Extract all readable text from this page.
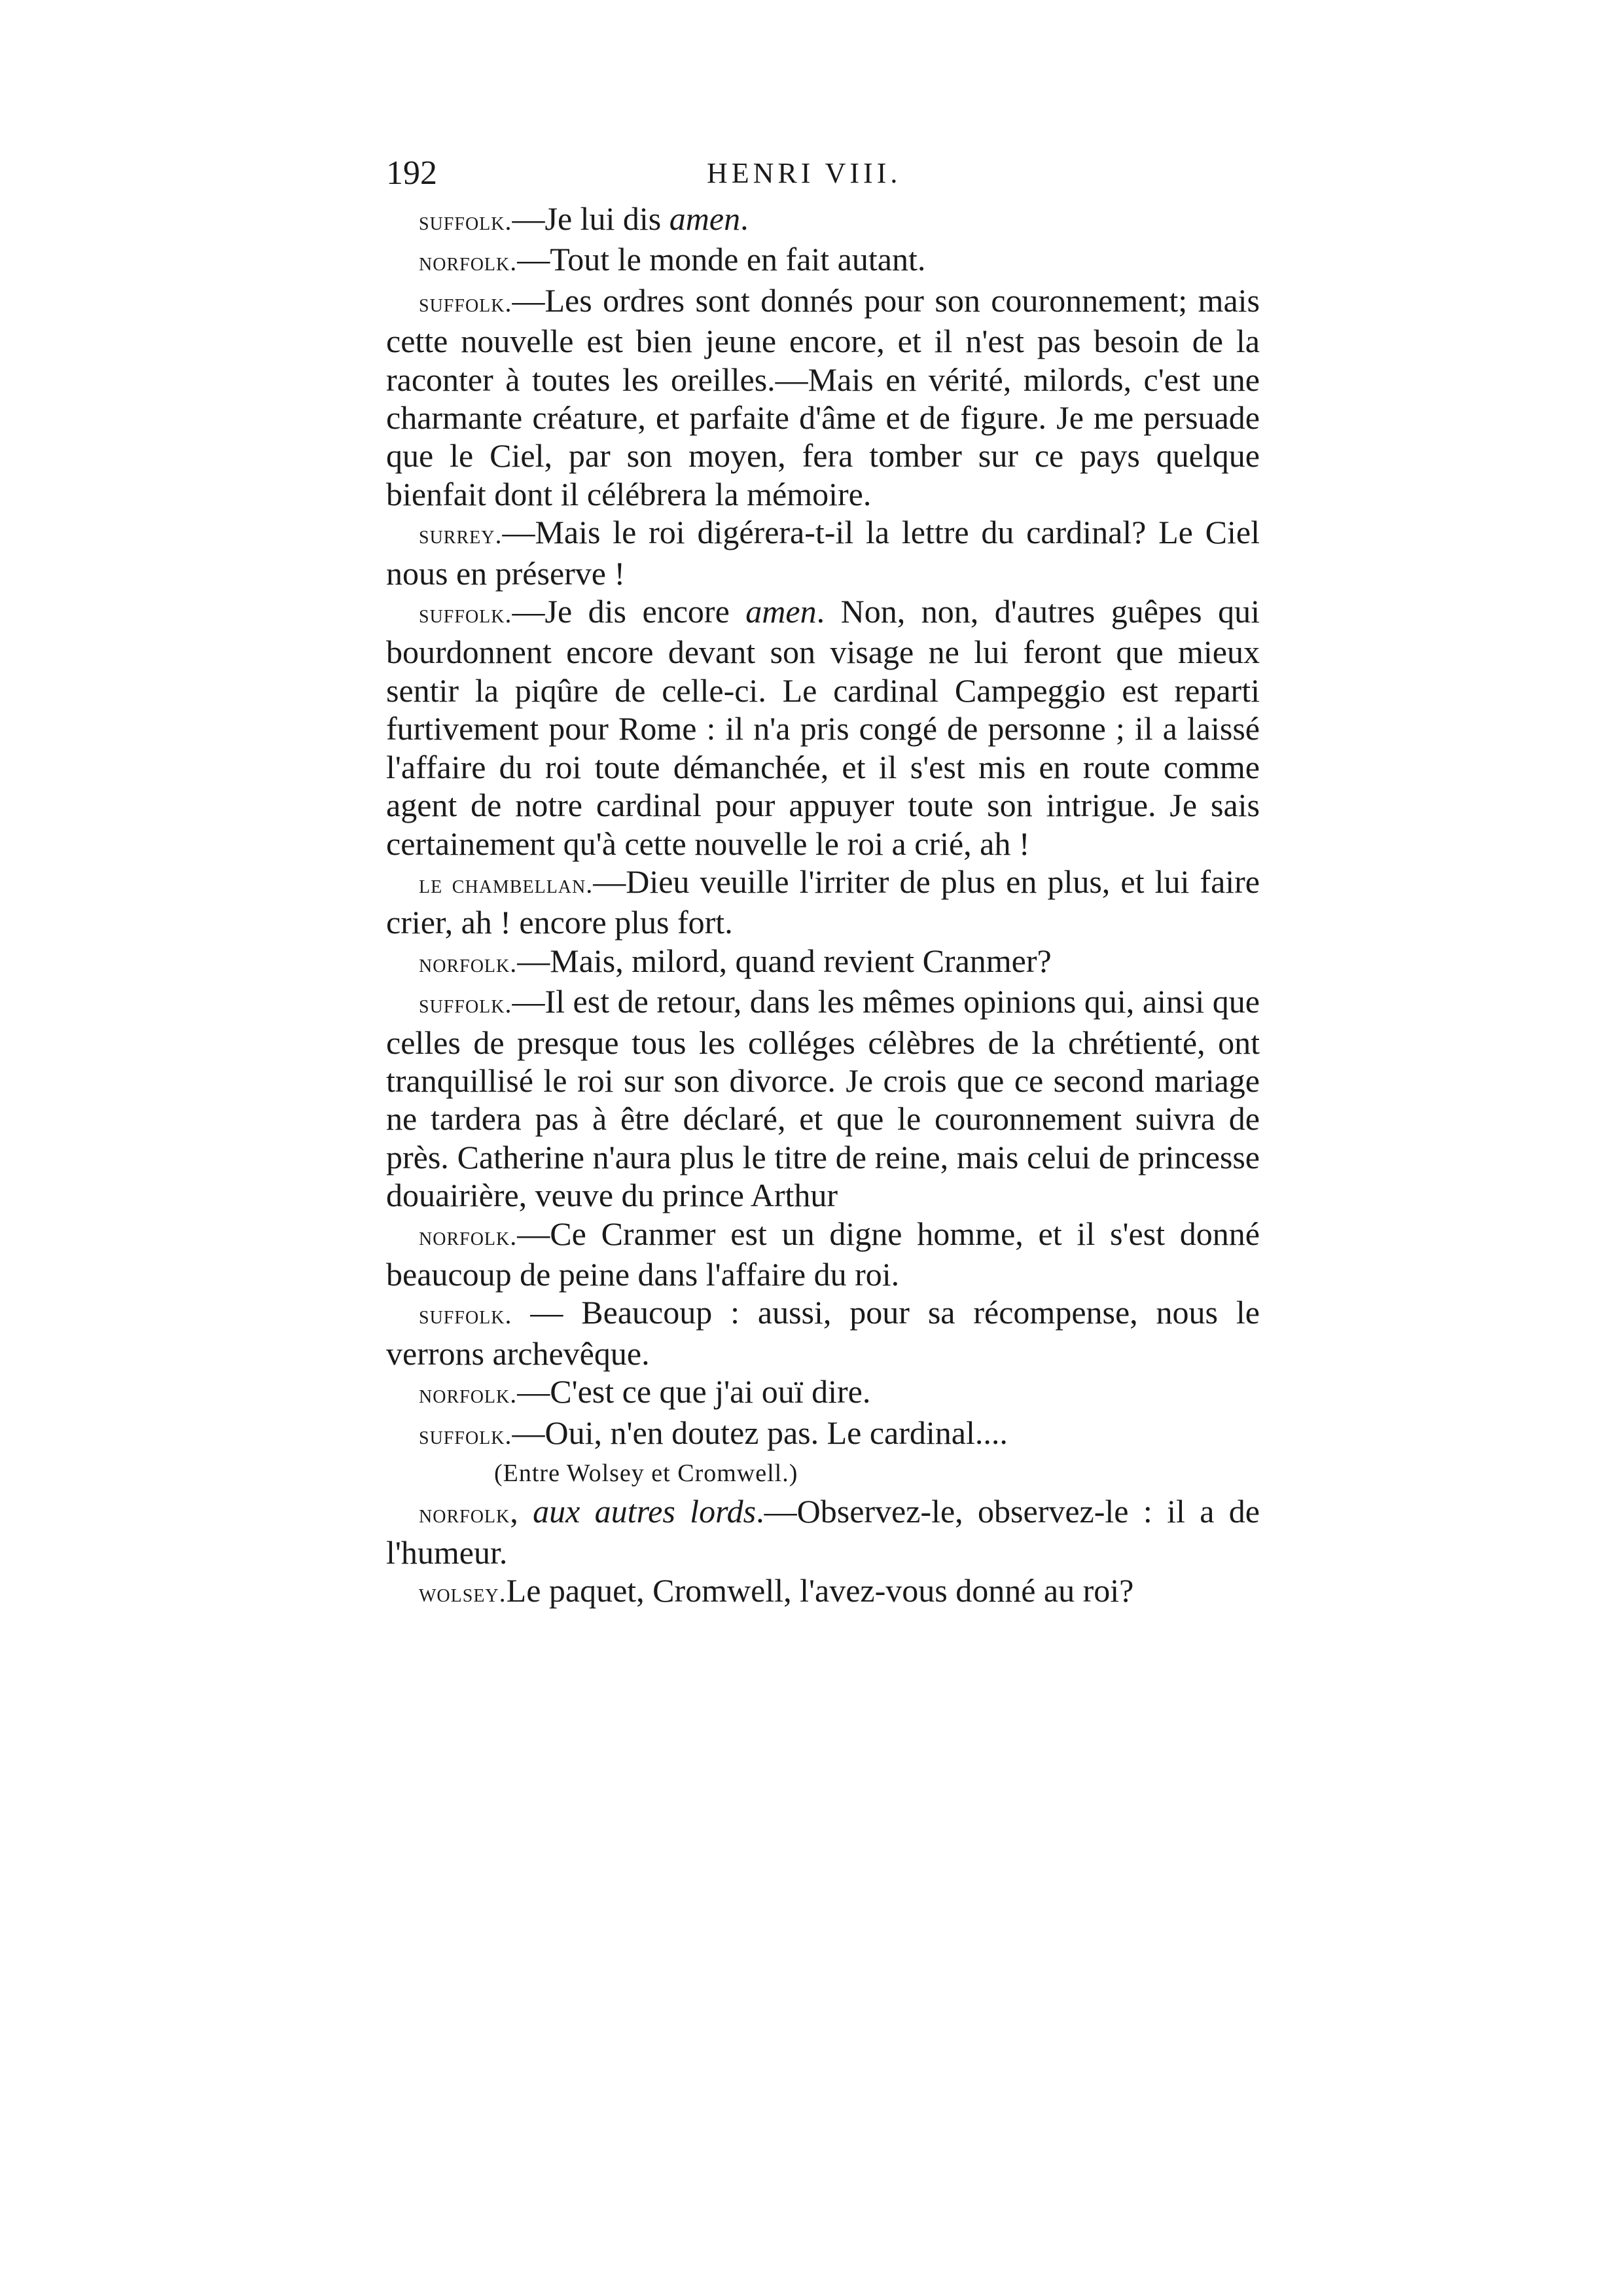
192	HENRI VIII.

suffolk.—Je lui dis amen.

norfolk.—Tout le monde en fait autant.

suffolk.—Les ordres sont donnés pour son couronnement; mais cette nouvelle est bien jeune encore, et il n'est pas besoin de la raconter à toutes les oreilles.—Mais en vérité, milords, c'est une charmante créature, et parfaite d'âme et de figure. Je me persuade que le Ciel, par son moyen, fera tomber sur ce pays quelque bienfait dont il célébrera la mémoire.

surrey.—Mais le roi digérera-t-il la lettre du cardinal? Le Ciel nous en préserve !

suffolk.—Je dis encore amen. Non, non, d'autres guêpes qui bourdonnent encore devant son visage ne lui feront que mieux sentir la piqûre de celle-ci. Le cardinal Campeggio est reparti furtivement pour Rome : il n'a pris congé de personne ; il a laissé l'affaire du roi toute démanchée, et il s'est mis en route comme agent de notre cardinal pour appuyer toute son intrigue. Je sais certainement qu'à cette nouvelle le roi a crié, ah !

le chambellan.—Dieu veuille l'irriter de plus en plus, et lui faire crier, ah ! encore plus fort.

norfolk.—Mais, milord, quand revient Cranmer?

suffolk.—Il est de retour, dans les mêmes opinions qui, ainsi que celles de presque tous les colléges célèbres de la chrétienté, ont tranquillisé le roi sur son divorce. Je crois que ce second mariage ne tardera pas à être déclaré, et que le couronnement suivra de près. Catherine n'aura plus le titre de reine, mais celui de princesse douairière, veuve du prince Arthur

norfolk.—Ce Cranmer est un digne homme, et il s'est donné beaucoup de peine dans l'affaire du roi.

suffolk. — Beaucoup : aussi, pour sa récompense, nous le verrons archevêque.

norfolk.—C'est ce que j'ai ouï dire.

suffolk.—Oui, n'en doutez pas. Le cardinal....

(Entre Wolsey et Cromwell.)

norfolk, aux autres lords.—Observez-le, observez-le : il a de l'humeur.

wolsey.Le paquet, Cromwell, l'avez-vous donné au roi?
